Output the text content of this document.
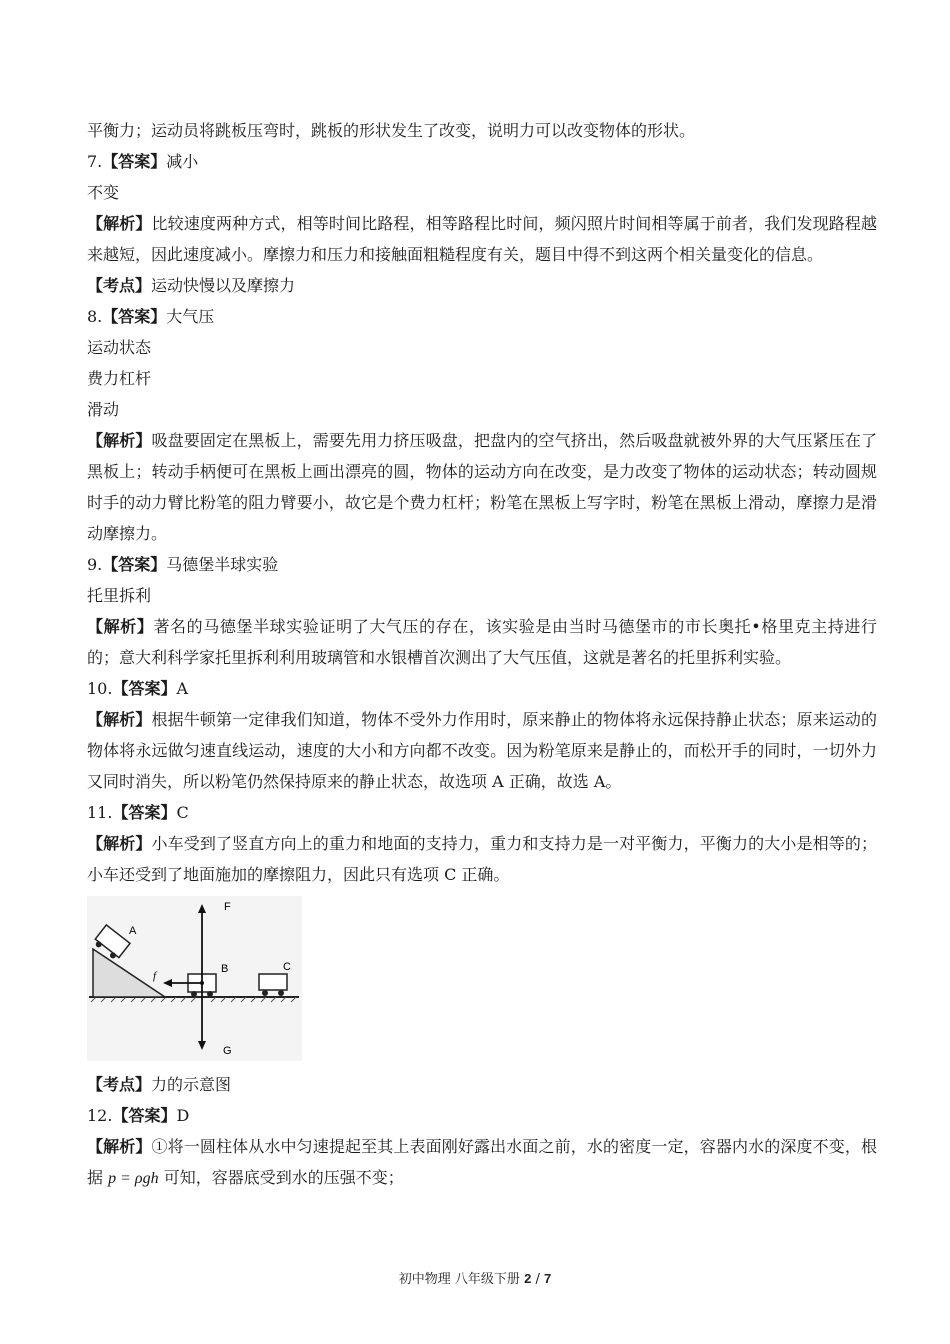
平衡力；运动员将跳板压弯时，跳板的形状发生了改变，说明力可以改变物体的形状。
7.【答案】减小
不变
【解析】比较速度两种方式，相等时间比路程，相等路程比时间，频闪照片时间相等属于前者，我们发现路程越来越短，因此速度减小。摩擦力和压力和接触面粗糙程度有关，题目中得不到这两个相关量变化的信息。
【考点】运动快慢以及摩擦力
8.【答案】大气压
运动状态
费力杠杆
滑动
【解析】吸盘要固定在黑板上，需要先用力挤压吸盘，把盘内的空气挤出，然后吸盘就被外界的大气压紧压在了黑板上；转动手柄便可在黑板上画出漂亮的圆，物体的运动方向在改变，是力改变了物体的运动状态；转动圆规时手的动力臂比粉笔的阻力臂要小，故它是个费力杠杆；粉笔在黑板上写字时，粉笔在黑板上滑动，摩擦力是滑动摩擦力。
9.【答案】马德堡半球实验
托里拆利
【解析】著名的马德堡半球实验证明了大气压的存在，该实验是由当时马德堡市的市长奥托•格里克主持进行的；意大利科学家托里拆利利用玻璃管和水银槽首次测出了大气压值，这就是著名的托里拆利实验。
10.【答案】A
【解析】根据牛顿第一定律我们知道，物体不受外力作用时，原来静止的物体将永远保持静止状态；原来运动的物体将永远做匀速直线运动，速度的大小和方向都不改变。因为粉笔原来是静止的，而松开手的同时，一切外力又同时消失，所以粉笔仍然保持原来的静止状态，故选项 A 正确，故选 A。
11.【答案】C
【解析】小车受到了竖直方向上的重力和地面的支持力，重力和支持力是一对平衡力，平衡力的大小是相等的；小车还受到了地面施加的摩擦阻力，因此只有选项 C 正确。
A
B
F
G
f
C
【考点】力的示意图
12.【答案】D
【解析】①将一圆柱体从水中匀速提起至其上表面刚好露出水面之前，水的密度一定，容器内水的深度不变，根据 p = ρgh 可知，容器底受到水的压强不变；
初中物理 八年级下册 2 / 7
